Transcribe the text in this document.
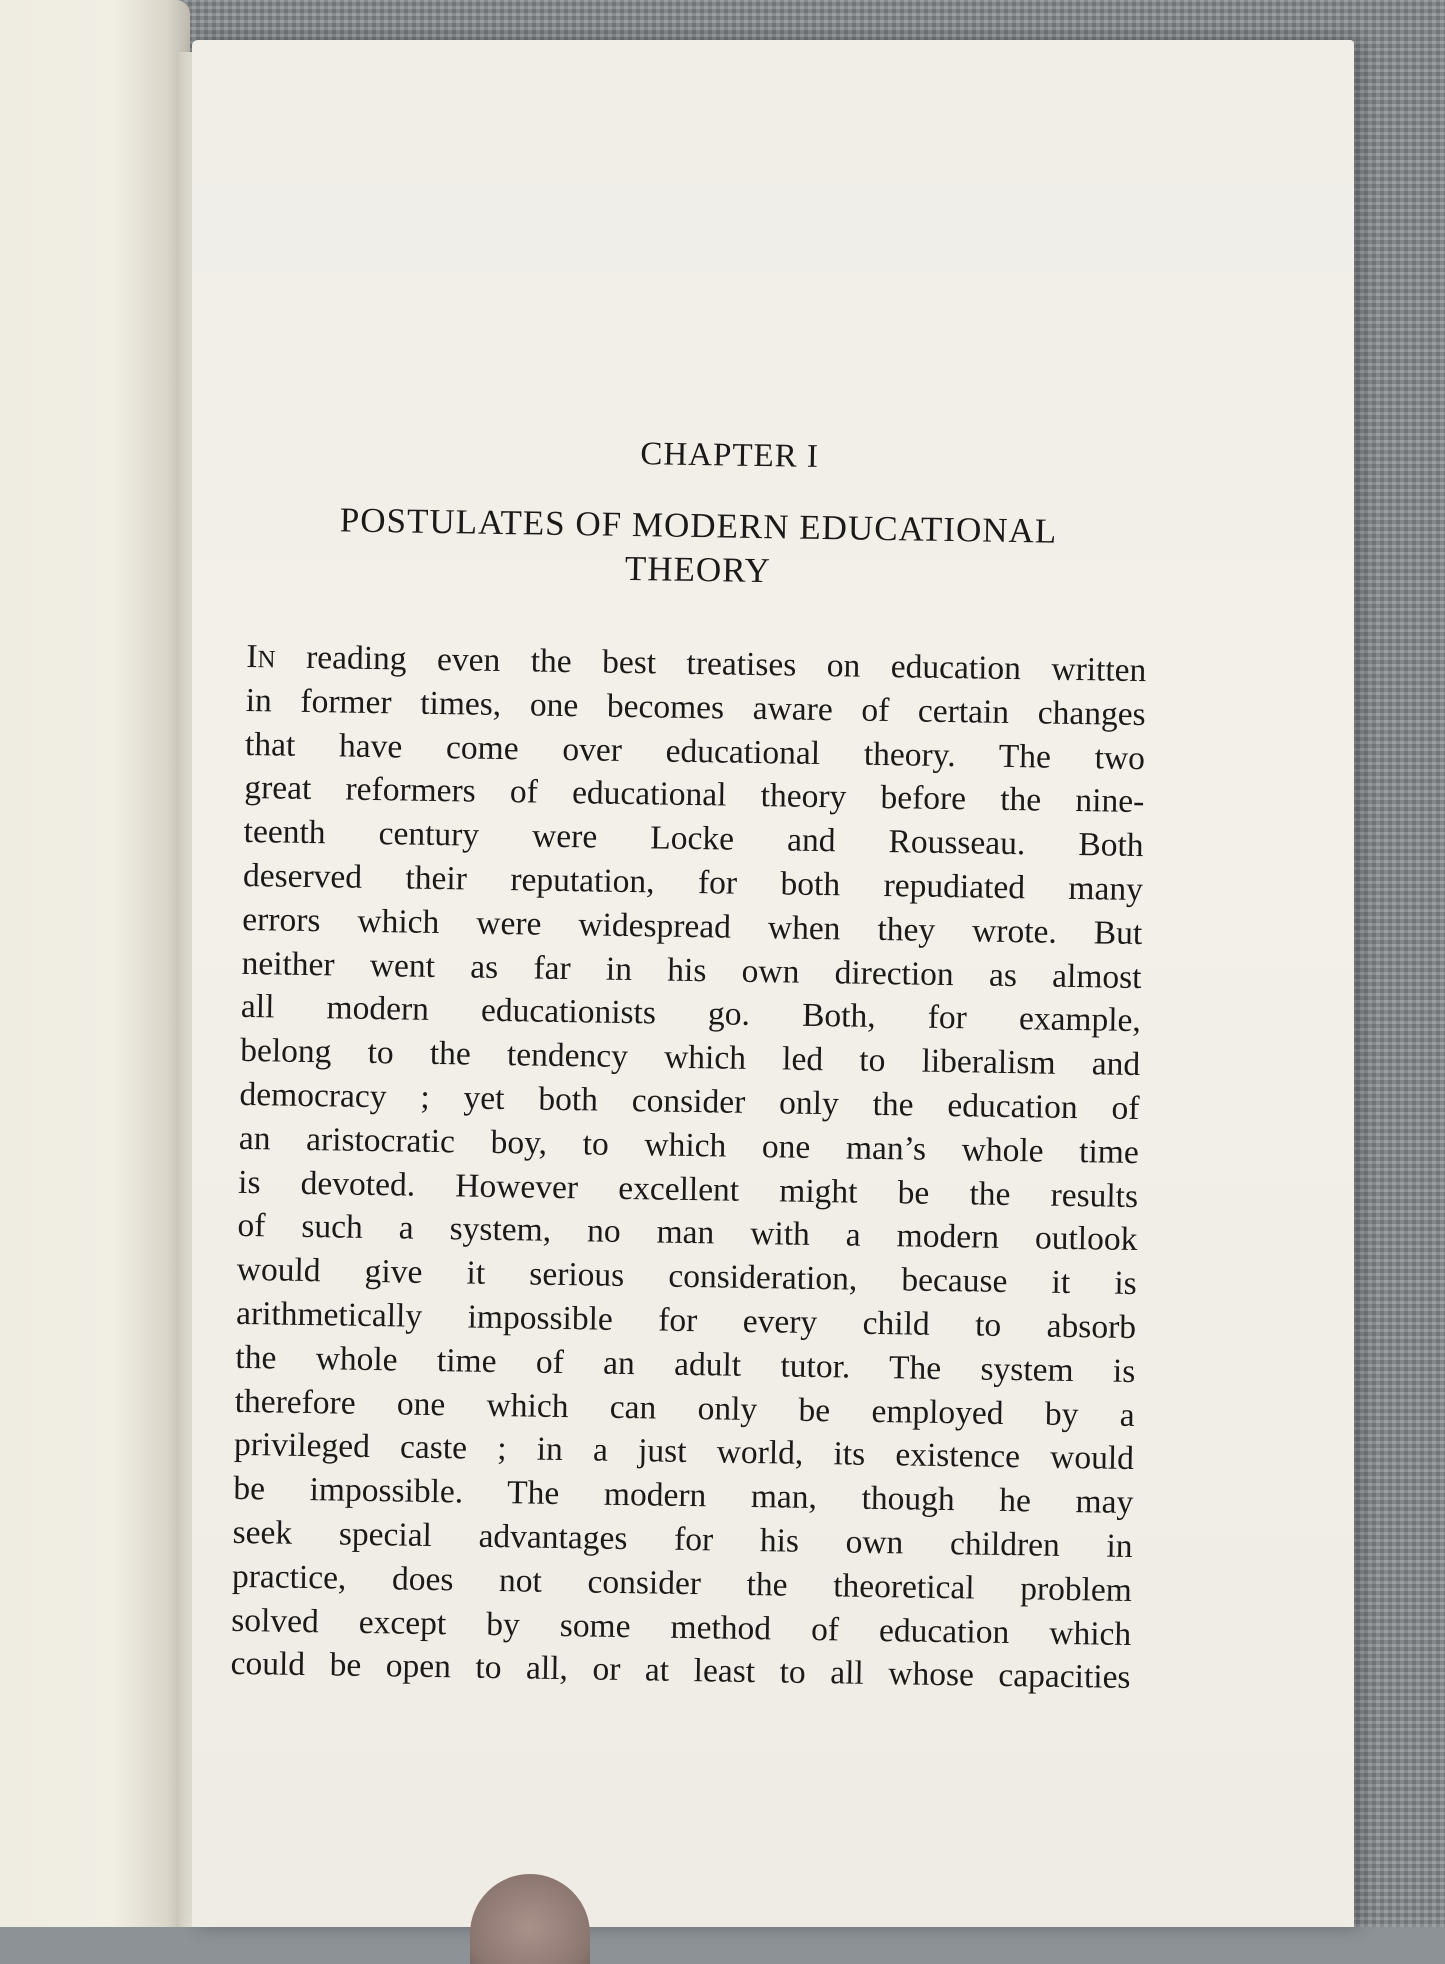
CHAPTER I
POSTULATES OF MODERN EDUCATIONAL
THEORY
IN reading even the best treatises on education written
in former times, one becomes aware of certain changes
that have come over educational theory. The two
great reformers of educational theory before the nine-
teenth century were Locke and Rousseau. Both
deserved their reputation, for both repudiated many
errors which were widespread when they wrote. But
neither went as far in his own direction as almost
all modern educationists go. Both, for example,
belong to the tendency which led to liberalism and
democracy ; yet both consider only the education of
an aristocratic boy, to which one man’s whole time
is devoted. However excellent might be the results
of such a system, no man with a modern outlook
would give it serious consideration, because it is
arithmetically impossible for every child to absorb
the whole time of an adult tutor. The system is
therefore one which can only be employed by a
privileged caste ; in a just world, its existence would
be impossible. The modern man, though he may
seek special advantages for his own children in
practice, does not consider the theoretical problem
solved except by some method of education which
could be open to all, or at least to all whose capacities
